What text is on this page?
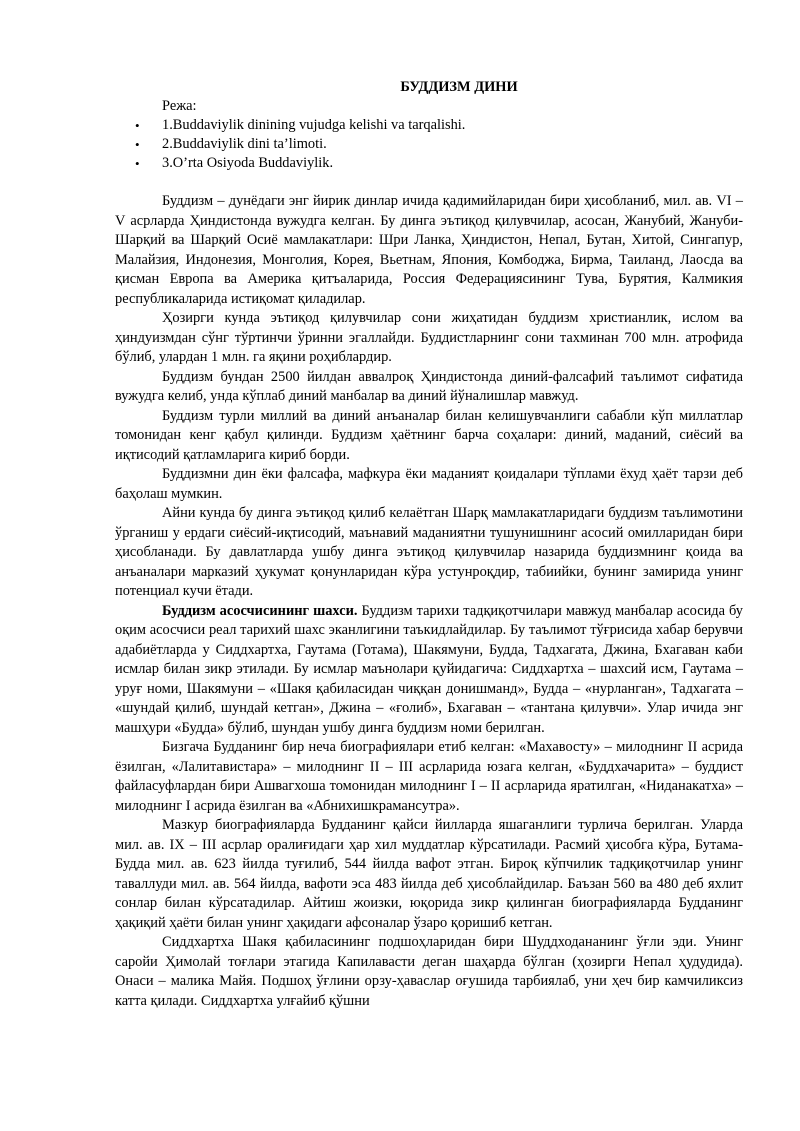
БУДДИЗМ ДИНИ
Режа:
• 1.Buddaviylik dinining vujudga kelishi va tarqalishi.
• 2.Buddaviylik dini ta’limoti.
• 3.O’rta Osiyoda Buddaviylik.

Буддизм – дунёдаги энг йирик динлар ичида қадимийларидан бири ҳисобланиб, мил. ав. VI – V асрларда Ҳиндистонда вужудга келган. Бу динга эътиқод қилувчилар, асосан, Жанубий, Жануби-Шарқий ва Шарқий Осиё мамлакатлари: Шри Ланка, Ҳиндистон, Непал, Бутан, Хитой, Сингапур, Малайзия, Индонезия, Монголия, Корея, Вьетнам, Япония, Комбоджа, Бирма, Таиланд, Лаосда ва қисман Европа ва Америка қитъаларида, Россия Федерациясининг Тува, Бурятия, Калмикия республикаларида истиқомат қиладилар.

Ҳозирги кунда эътиқод қилувчилар сони жиҳатидан буддизм христианлик, ислом ва ҳиндуизмдан сўнг тўртинчи ўринни эгаллайди. Буддистларнинг сони тахминан 700 млн. атрофида бўлиб, улардан 1 млн. га яқини роҳиблардир.

Буддизм бундан 2500 йилдан аввалроқ Ҳиндистонда диний-фалсафий таълимот сифатида вужудга келиб, унда кўплаб диний манбалар ва диний йўналишлар мавжуд.

Буддизм турли миллий ва диний анъаналар билан келишувчанлиги сабабли кўп миллатлар томонидан кенг қабул қилинди. Буддизм ҳаётнинг барча соҳалари: диний, маданий, сиёсий ва иқтисодий қатламларига кириб борди.

Буддизмни дин ёки фалсафа, мафкура ёки маданият қоидалари тўплами ёхуд ҳаёт тарзи деб баҳолаш мумкин.

Айни кунда бу динга эътиқод қилиб келаётган Шарқ мамлакатларидаги буддизм таълимотини ўрганиш у ердаги сиёсий-иқтисодий, маънавий маданиятни тушунишнинг асосий омилларидан бири ҳисобланади. Бу давлатларда ушбу динга эътиқод қилувчилар назарида буддизмнинг қоида ва анъаналари марказий ҳукумат қонунларидан кўра устунроқдир, табиийки, бунинг замирида унинг потенциал кучи ётади.

Буддизм асосчисининг шахси. Буддизм тарихи тадқиқотчилари мавжуд манбалар асосида бу оқим асосчиси реал тарихий шахс эканлигини таъкидлайдилар. Бу таълимот тўғрисида хабар берувчи адабиётларда у Сиддхартха, Гаутама (Готама), Шакямуни, Будда, Тадхагата, Джина, Бхагаван каби исмлар билан зикр этилади. Бу исмлар маънолари қуйидагича: Сиддхартха – шахсий исм, Гаутама – уруғ номи, Шакямуни – «Шакя қабиласидан чиққан донишманд», Будда – «нурланган», Тадхагата – «шундай қилиб, шундай кетган», Джина – «ғолиб», Бхагаван – «тантана қилувчи». Улар ичида энг машҳури «Будда» бўлиб, шундан ушбу динга буддизм номи берилган.

Бизгача Будданинг бир неча биографиялари етиб келган: «Махавосту» – милоднинг II асрида ёзилган, «Лалитавистара» – милоднинг II – III асрларида юзага келган, «Буддхачарита» – буддист файласуфлардан бири Ашвагхоша томонидан милоднинг I – II асрларида яратилган, «Ниданакатха» – милоднинг I асрида ёзилган ва «Абнихишкрамансутра».

Мазкур биографияларда Будданинг қайси йилларда яшаганлиги турлича берилган. Уларда мил. ав. IX – III асрлар оралиғидаги ҳар хил муддатлар кўрсатилади. Расмий ҳисобга кўра, Бутама-Будда мил. ав. 623 йилда туғилиб, 544 йилда вафот этган. Бироқ кўпчилик тадқиқотчилар унинг таваллуди мил. ав. 564 йилда, вафоти эса 483 йилда деб ҳисоблайдилар. Баъзан 560 ва 480 деб яхлит сонлар билан кўрсатадилар. Айтиш жоизки, юқорида зикр қилинган биографияларда Будданинг ҳақиқий ҳаёти билан унинг ҳақидаги афсоналар ўзаро қоришиб кетган.

Сиддхартха Шакя қабиласининг подшоҳларидан бири Шуддходананинг ўғли эди. Унинг саройи Ҳимолай тоғлари этагида Капилавасти деган шаҳарда бўлган (ҳозирги Непал ҳудудида). Онаси – малика Майя. Подшоҳ ўғлини орзу-ҳаваслар оғушида тарбиялаб, уни ҳеч бир камчиликсиз катта қилади. Сиддхартха улғайиб қўшни
